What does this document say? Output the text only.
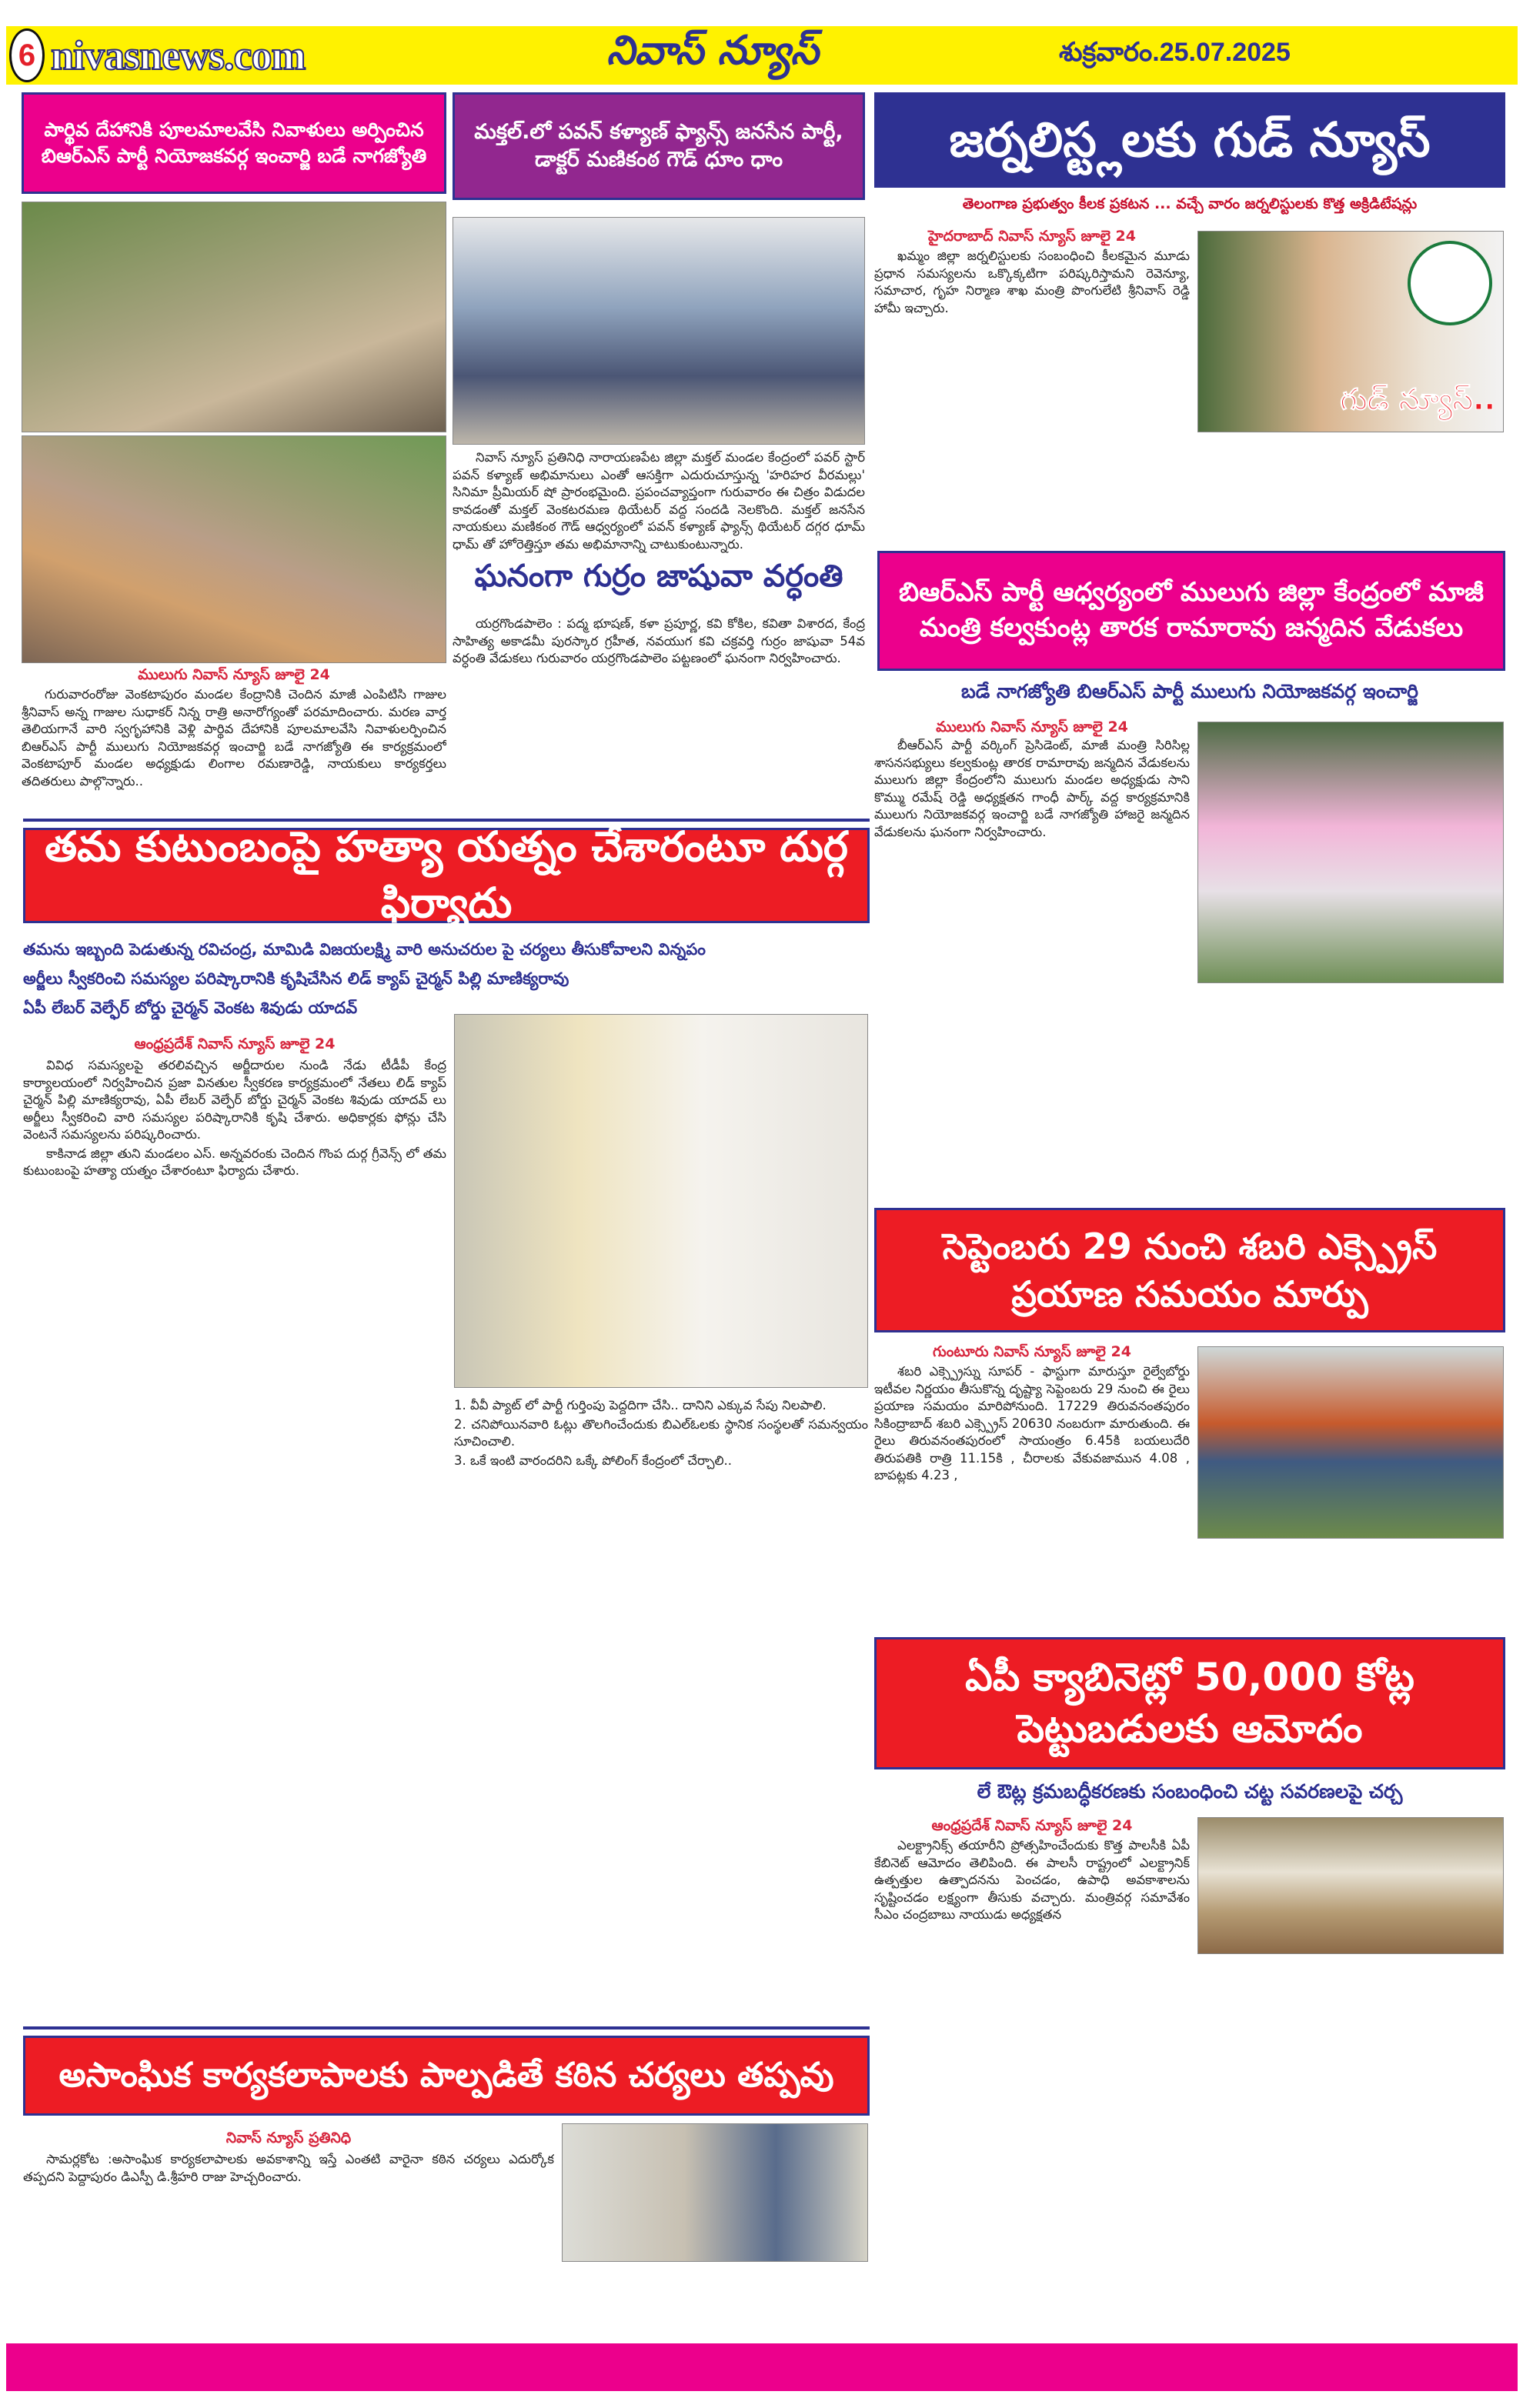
6 nivasnews.com	నివాస్ న్యూస్	శుక్రవారం.25.07.2025
పార్థివ దేహానికి పూలమాలవేసి నివాళులు అర్పించిన బిఆర్ఎస్ పార్టీ నియోజకవర్గ ఇంచార్జి బడే నాగజ్యోతి
ములుగు నివాస్ న్యూస్ జూలై 24
గురువారంరోజు వెంకటాపురం మండల కేంద్రానికి చెందిన మాజీ ఎంపిటిసి గాజుల శ్రీనివాస్ అన్న గాజుల సుధాకర్ నిన్న రాత్రి అనారోగ్యంతో పరమాదించారు. మరణ వార్త తెలియగానే వారి స్వగృహానికి వెళ్లి పార్థివ దేహానికి పూలమాలవేసి నివాళులర్పించిన బిఆర్ఎస్ పార్టీ ములుగు నియోజకవర్గ ఇంచార్జి బడే నాగజ్యోతి ఈ కార్యక్రమంలో వెంకటాపూర్ మండల అధ్యక్షుడు లింగాల రమణారెడ్డి, నాయకులు కార్యకర్తలు తదితరులు పాల్గొన్నారు..
మక్తల్.లో పవన్ కళ్యాణ్ ఫ్యాన్స్ జనసేన పార్టీ, డాక్టర్ మణికంఠ గౌడ్ ధూం ధాం
నివాస్ న్యూస్ ప్రతినిధి నారాయణపేట జిల్లా మక్తల్ మండల కేంద్రంలో పవర్ స్టార్ పవన్ కళ్యాణ్ అభిమానులు ఎంతో ఆసక్తిగా ఎదురుచూస్తున్న 'హరిహర వీరమల్లు' సినిమా ప్రీమియర్ షో ప్రారంభమైంది. ప్రపంచవ్యాప్తంగా గురువారం ఈ చిత్రం విడుదల కావడంతో మక్తల్ వెంకటరమణ థియేటర్ వద్ద సందడి నెలకొంది. మక్తల్ జనసేన నాయకులు మణికంఠ గౌడ్ ఆధ్వర్యంలో పవన్ కళ్యాణ్ ఫ్యాన్స్ థియేటర్ దగ్గర ధూమ్ ధామ్ తో హోరెత్తిస్తూ తమ అభిమానాన్ని చాటుకుంటున్నారు.
ఘనంగా గుర్రం జాషువా వర్ధంతి
యర్రగొండపాలెం : పద్మ భూషణ్, కళా ప్రపూర్ణ, కవి కోకిల, కవితా విశారద, కేంద్ర సాహిత్య అకాడమీ పురస్కార గ్రహీత, నవయుగ కవి చక్రవర్తి గుర్రం జాషువా 54వ వర్ధంతి వేడుకలు గురువారం యర్రగొండపాలెం పట్టణంలో ఘనంగా నిర్వహించారు.
జర్నలిస్ట్లలకు గుడ్ న్యూస్
తెలంగాణ ప్రభుత్వం కీలక ప్రకటన ... వచ్చే వారం జర్నలిస్టులకు కొత్త అక్రిడిటేషన్లు
హైదరాబాద్ నివాస్ న్యూస్ జూలై 24
ఖమ్మం జిల్లా జర్నలిస్టులకు సంబంధించి కీలకమైన మూడు ప్రధాన సమస్యలను ఒక్కొక్కటిగా పరిష్కరిస్తామని రెవెన్యూ, సమాచార, గృహ నిర్మాణ శాఖ మంత్రి పొంగులేటి శ్రీనివాస్ రెడ్డి హామీ ఇచ్చారు.
గుడ్ న్యూస్..
బిఆర్ఎస్ పార్టీ ఆధ్వర్యంలో ములుగు జిల్లా కేంద్రంలో మాజీ మంత్రి కల్వకుంట్ల తారక రామారావు జన్మదిన వేడుకలు
బడే నాగజ్యోతి బిఆర్ఎస్ పార్టీ ములుగు నియోజకవర్గ ఇంచార్జి
ములుగు నివాస్ న్యూస్ జూలై 24
బీఆర్ఎస్ పార్టీ వర్కింగ్ ప్రెసిడెంట్, మాజీ మంత్రి సిరిసిల్ల శాసనసభ్యులు కల్వకుంట్ల తారక రామారావు జన్మదిన వేడుకలను ములుగు జిల్లా కేంద్రంలోని ములుగు మండల అధ్యక్షుడు సాని కొమ్ము రమేష్ రెడ్డి అధ్యక్షతన గాంధీ పార్క్ వద్ద కార్యక్రమానికి ములుగు నియోజకవర్గ ఇంచార్జి బడే నాగజ్యోతి హాజరై జన్మదిన వేడుకలను ఘనంగా నిర్వహించారు.
తమ కుటుంబంపై హత్యా యత్నం చేశారంటూ దుర్గ ఫిర్యాదు
తమను ఇబ్బంది పెడుతున్న రవిచంద్ర, మామిడి విజయలక్ష్మి వారి అనుచరుల పై చర్యలు తీసుకోవాలని విన్నపం
అర్జీలు స్వీకరించి సమస్యల పరిష్కారానికి కృషిచేసిన లిడ్ క్యాప్ చైర్మన్ పిల్లి మాణిక్యరావు
ఏపీ లేబర్ వెల్ఫేర్ బోర్డు చైర్మన్ వెంకట శివుడు యాదవ్
ఆంధ్రప్రదేశ్ నివాస్ న్యూస్ జూలై 24

వివిధ సమస్యలపై తరలివచ్చిన అర్జీదారుల నుండి నేడు టీడీపీ కేంద్ర కార్యాలయంలో నిర్వహించిన ప్రజా వినతుల స్వీకరణ కార్యక్రమంలో నేతలు లిడ్ క్యాప్ చైర్మన్ పిల్లి మాణిక్యరావు, ఏపీ లేబర్ వెల్ఫేర్ బోర్డు చైర్మన్ వెంకట శివుడు యాదవ్ లు అర్జీలు స్వీకరించి వారి సమస్యల పరిష్కారానికి కృషి చేశారు. అధికార్లకు ఫోన్లు చేసి వెంటనే సమస్యలను పరిష్కరించారు.

కాకినాడ జిల్లా తుని మండలం ఎస్. అన్నవరంకు చెందిన గొంప దుర్గ గ్రీవెన్స్ లో తమ కుటుంబంపై హత్యా యత్నం చేశారంటూ ఫిర్యాదు చేశారు.

1. వీవీ ప్యాట్ లో పార్టీ గుర్తింపు పెద్దదిగా చేసి.. దానిని ఎక్కువ సేపు నిలపాలి.

2. చనిపోయినవారి ఓట్లు తొలగించేందుకు బిఎల్ఓలకు స్థానిక సంస్థలతో సమన్వయం సూచించాలి.

3. ఒకే ఇంటి వారందరిని ఒక్కే పోలింగ్ కేంద్రంలో చేర్చాలి..

సెప్టెంబరు 29 నుంచి శబరి ఎక్స్ప్రెస్ ప్రయాణ సమయం మార్పు
గుంటూరు నివాస్ న్యూస్ జూలై 24
శబరి ఎక్స్ప్రెస్ను సూపర్ - ఫాస్టుగా మారుస్తూ రైల్వేబోర్డు ఇటీవల నిర్ణయం తీసుకొన్న దృష్ట్యా సెప్టెంబరు 29 నుంచి ఈ రైలు ప్రయాణ సమయం మారిపోనుంది. 17229 తిరువనంతపురం సికింద్రాబాద్ శబరి ఎక్స్ప్రెస్ 20630 నంబరుగా మారుతుంది. ఈ రైలు తిరువనంతపురంలో సాయంత్రం 6.45కి బయలుదేరి తిరుపతికి రాత్రి 11.15కి , చీరాలకు వేకువజామున 4.08 , బాపట్లకు 4.23 ,
ఏపీ క్యాబినెట్లో 50,000 కోట్ల పెట్టుబడులకు ఆమోదం
లే ఔట్ల క్రమబద్ధీకరణకు సంబంధించి చట్ట సవరణలపై చర్చ
ఆంధ్రప్రదేశ్ నివాస్ న్యూస్ జూలై 24
ఎలక్ట్రానిక్స్ తయారీని ప్రోత్సహించేందుకు కొత్త పాలసీకి ఏపీ కేబినెట్ ఆమోదం తెలిపింది. ఈ పాలసీ రాష్ట్రంలో ఎలక్ట్రానిక్ ఉత్పత్తుల ఉత్పాదనను పెంచడం, ఉపాధి అవకాశాలను సృష్టించడం లక్ష్యంగా తీసుకు వచ్చారు. మంత్రివర్గ సమావేశం సీఎం చంద్రబాబు నాయుడు అధ్యక్షతన
అసాంఘిక కార్యకలాపాలకు పాల్పడితే కఠిన చర్యలు తప్పవు
నివాస్ న్యూస్ ప్రతినిధి
సామర్లకోట :అసాంఘిక కార్యకలాపాలకు అవకాశాన్ని ఇస్తే ఎంతటి వారైనా కఠిన చర్యలు ఎదుర్కోక తప్పదని పెద్దాపురం డిఎస్పీ డి.శ్రీహరి రాజు హెచ్చరించారు.
